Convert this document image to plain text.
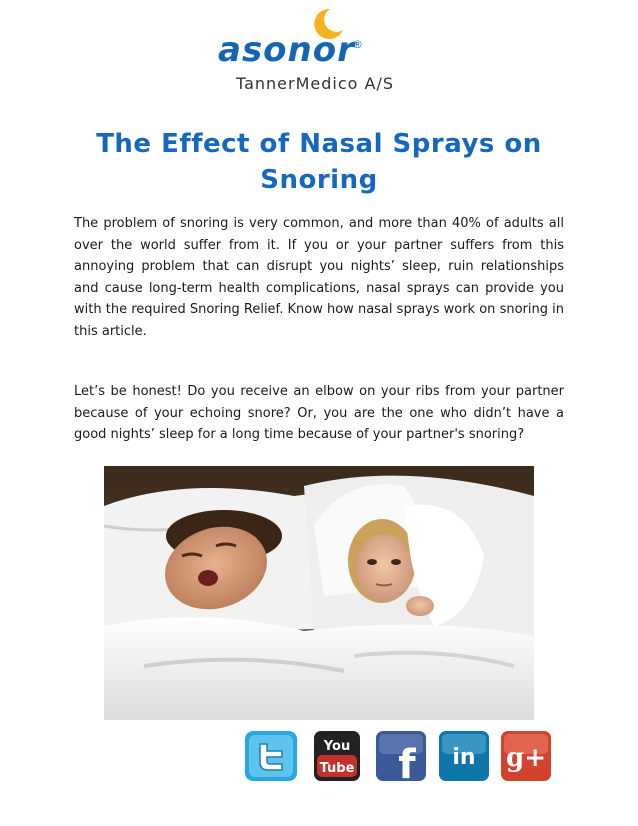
asonor
®
TannerMedico A/S
The Effect of Nasal Sprays on Snoring

The problem of snoring is very common, and more than 40% of adults all over the world suffer from it. If you or your partner suffers from this annoying problem that can disrupt you nights’ sleep, ruin relationships and cause long-term health complications, nasal sprays can provide you with the required Snoring Relief. Know how nasal sprays work on snoring in this article.

Let’s be honest! Do you receive an elbow on your ribs from your partner because of your echoing snore? Or, you are the one who didn’t have a good nights’ sleep for a long time because of your partner's snoring?

You
Tube f in g+
